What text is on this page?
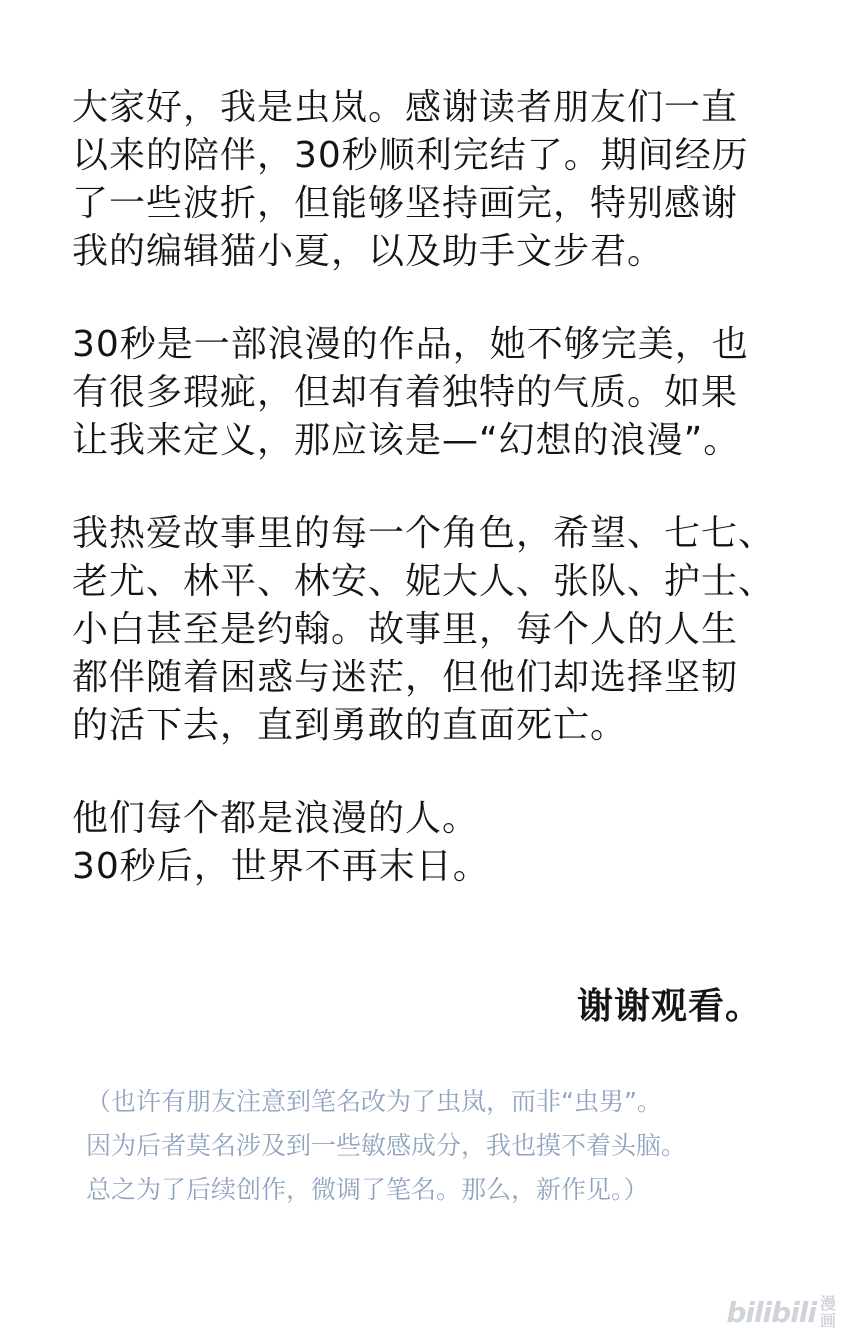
大家好，我是虫岚。感谢读者朋友们一直
以来的陪伴，30秒顺利完结了。期间经历
了一些波折，但能够坚持画完，特别感谢
我的编辑猫小夏，以及助手文步君。
30秒是一部浪漫的作品，她不够完美，也
有很多瑕疵，但却有着独特的气质。如果
让我来定义，那应该是—“幻想的浪漫”。
我热爱故事里的每一个角色，希望、七七、
老尤、林平、林安、妮大人、张队、护士、
小白甚至是约翰。故事里，每个人的人生
都伴随着困惑与迷茫，但他们却选择坚韧
的活下去，直到勇敢的直面死亡。
他们每个都是浪漫的人。
30秒后，世界不再末日。
谢谢观看。
（也许有朋友注意到笔名改为了虫岚，而非“虫男”。
因为后者莫名涉及到一些敏感成分，我也摸不着头脑。
总之为了后续创作，微调了笔名。那么，新作见。）
bilibili 漫
画
